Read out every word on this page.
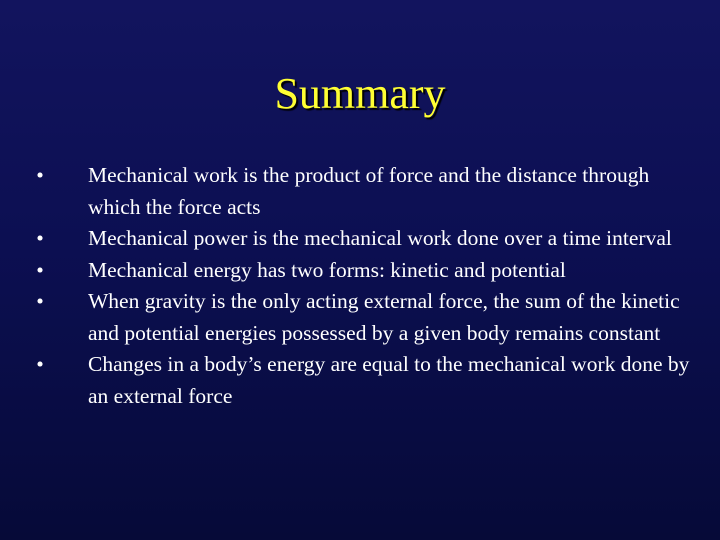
Summary
• Mechanical work is the product of force and the distance through which the force acts
• Mechanical power is the mechanical work done over a time interval
• Mechanical energy has two forms: kinetic and potential
• When gravity is the only acting external force, the sum of the kinetic and potential energies possessed by a given body remains constant
• Changes in a body’s energy are equal to the mechanical work done by an external force
